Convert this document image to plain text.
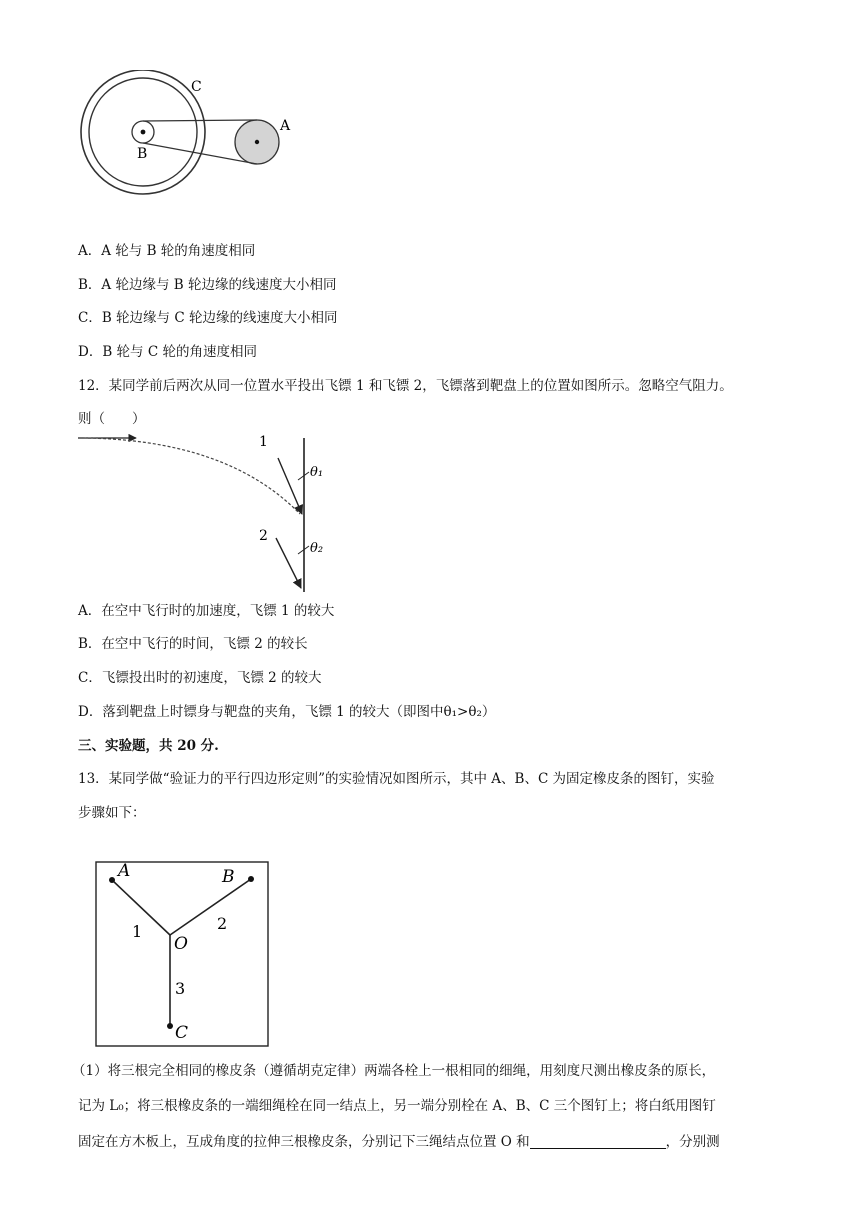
C
B
A
A．A 轮与 B 轮的角速度相同
B．A 轮边缘与 B 轮边缘的线速度大小相同
C．B 轮边缘与 C 轮边缘的线速度大小相同
D．B 轮与 C 轮的角速度相同
12．某同学前后两次从同一位置水平投出飞镖 1 和飞镖 2，飞镖落到靶盘上的位置如图所示。忽略空气阻力。
则（　　）
1
θ₁
2
θ₂
A．在空中飞行时的加速度，飞镖 1 的较大
B．在空中飞行的时间，飞镖 2 的较长
C．飞镖投出时的初速度，飞镖 2 的较大
D．落到靶盘上时镖身与靶盘的夹角，飞镖 1 的较大（即图中θ₁>θ₂）
三、实验题，共 20 分.
13．某同学做“验证力的平行四边形定则”的实验情况如图所示，其中 A、B、C 为固定橡皮条的图钉，实验
步骤如下：
A	B
O
1	2
3
C
（1）将三根完全相同的橡皮条（遵循胡克定律）两端各栓上一根相同的细绳，用刻度尺测出橡皮条的原长，
记为 L₀；将三根橡皮条的一端细绳栓在同一结点上，另一端分别栓在 A、B、C 三个图钉上；将白纸用图钉
固定在方木板上，互成角度的拉伸三根橡皮条，分别记下三绳结点位置 O 和	，分别测
